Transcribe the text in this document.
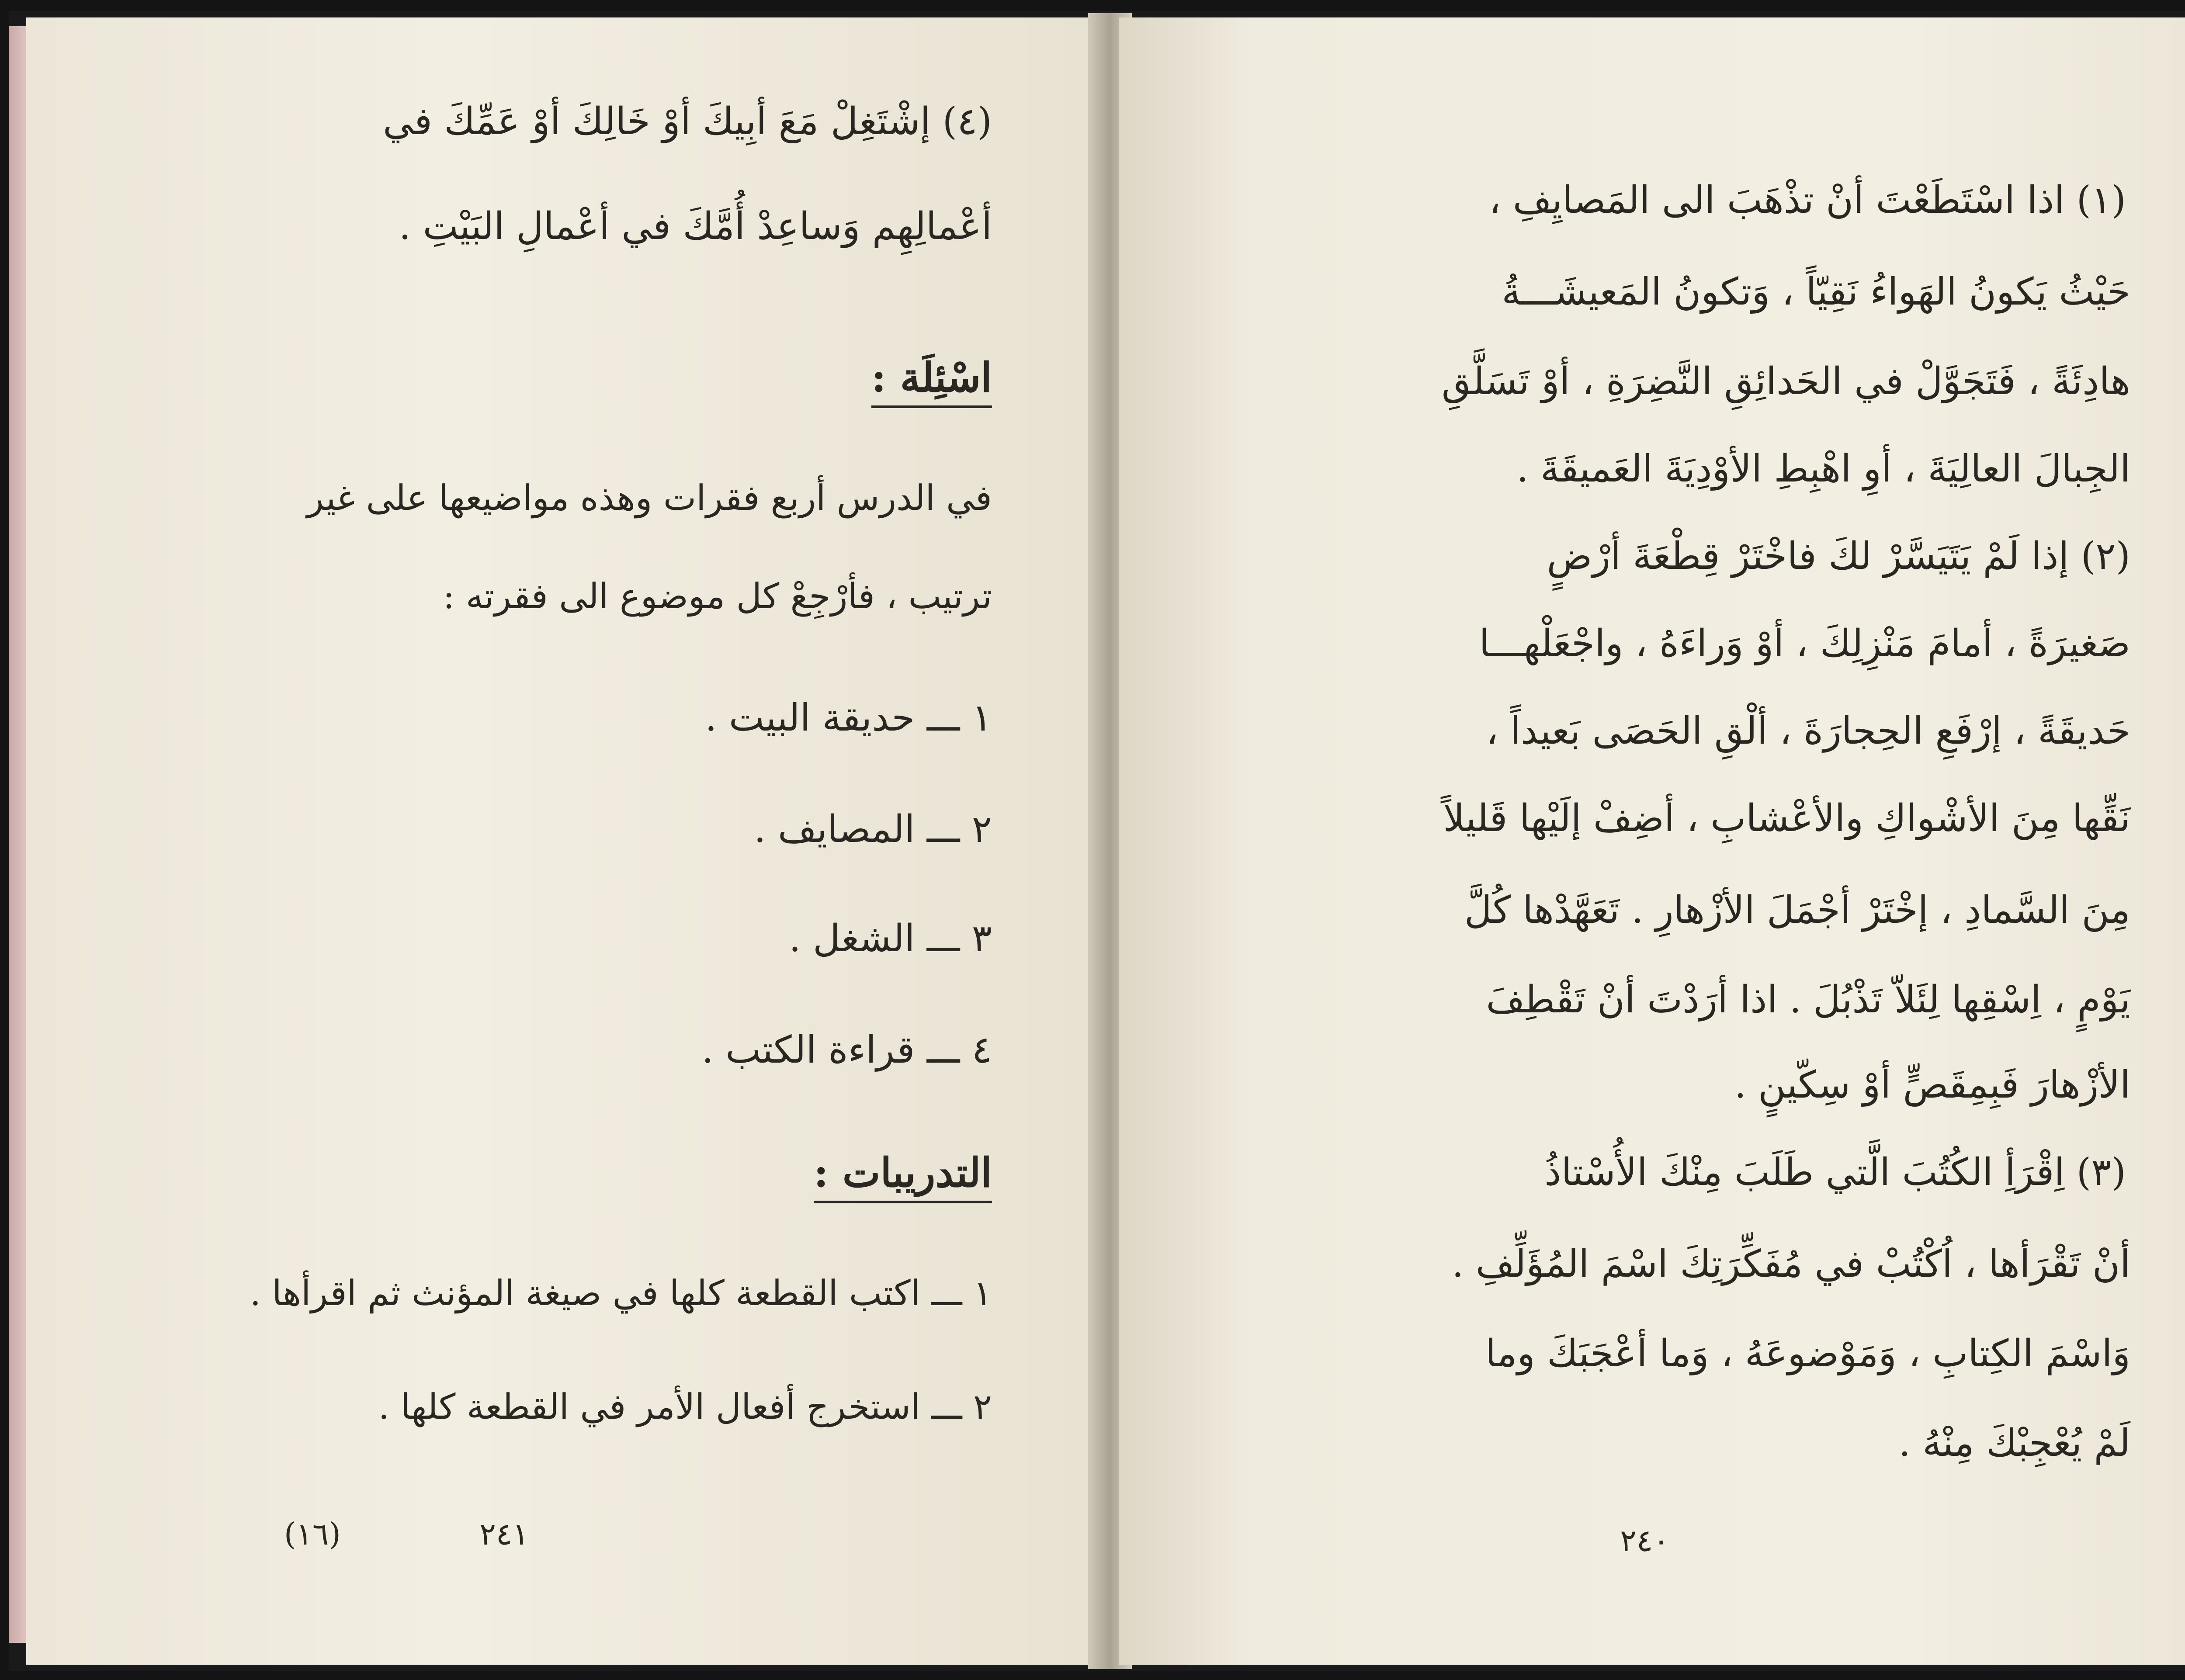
(٤) إشْتَغِلْ مَعَ أبِيكَ أوْ خَالِكَ أوْ عَمِّكَ في
أعْمالِهِم وَساعِدْ أُمَّكَ في أعْمالِ البَيْتِ .
اسْئِلَة :
في الدرس أربع فقرات وهذه مواضيعها على غير
ترتيب ، فأرْجِعْ كل موضوع الى فقرته :
١ ـــ حديقة البيت .
٢ ـــ المصايف .
٣ ـــ الشغل .
٤ ـــ قراءة الكتب .
التدريبات :
١ ـــ اكتب القطعة كلها في صيغة المؤنث ثم اقرأها .
٢ ـــ استخرج أفعال الأمر في القطعة كلها .
٢٤١
(١٦)
(١) اذا اسْتَطَعْتَ أنْ تذْهَبَ الى المَصايِفِ ،
حَيْثُ يَكونُ الهَواءُ نَقِيّاً ، وَتكونُ المَعيشَـــةُ
هادِئَةً ، فَتَجَوَّلْ في الحَدائِقِ النَّضِرَةِ ، أوْ تَسَلَّقِ
الجِبالَ العالِيَةَ ، أوِ اهْبِطِ الأوْدِيَةَ العَميقَةَ .
(٢) إذا لَمْ يَتَيَسَّرْ لكَ فاخْتَرْ قِطْعَةَ أرْضٍ
صَغيرَةً ، أمامَ مَنْزِلِكَ ، أوْ وَراءَهُ ، واجْعَلْهـــا
حَديقَةً ، إرْفَعِ الحِجارَةَ ، ألْقِ الحَصَى بَعيداً ،
نَقِّها مِنَ الأشْواكِ والأعْشابِ ، أضِفْ إلَيْها قَليلاً
مِنَ السَّمادِ ، إخْتَرْ أجْمَلَ الأزْهارِ . تَعَهَّدْها كُلَّ
يَوْمٍ ، اِسْقِها لِئَلاّ تَذْبُلَ . اذا أرَدْتَ أنْ تَقْطِفَ
الأزْهارَ فَبِمِقَصٍّ أوْ سِكّينٍ .
(٣) اِقْرَأِ الكُتُبَ الَّتي طَلَبَ مِنْكَ الأُسْتاذُ
أنْ تَقْرَأها ، اُكْتُبْ في مُفَكِّرَتِكَ اسْمَ المُؤَلِّفِ .
وَاسْمَ الكِتابِ ، وَمَوْضوعَهُ ، وَما أعْجَبَكَ وما
لَمْ يُعْجِبْكَ مِنْهُ .
٢٤٠
